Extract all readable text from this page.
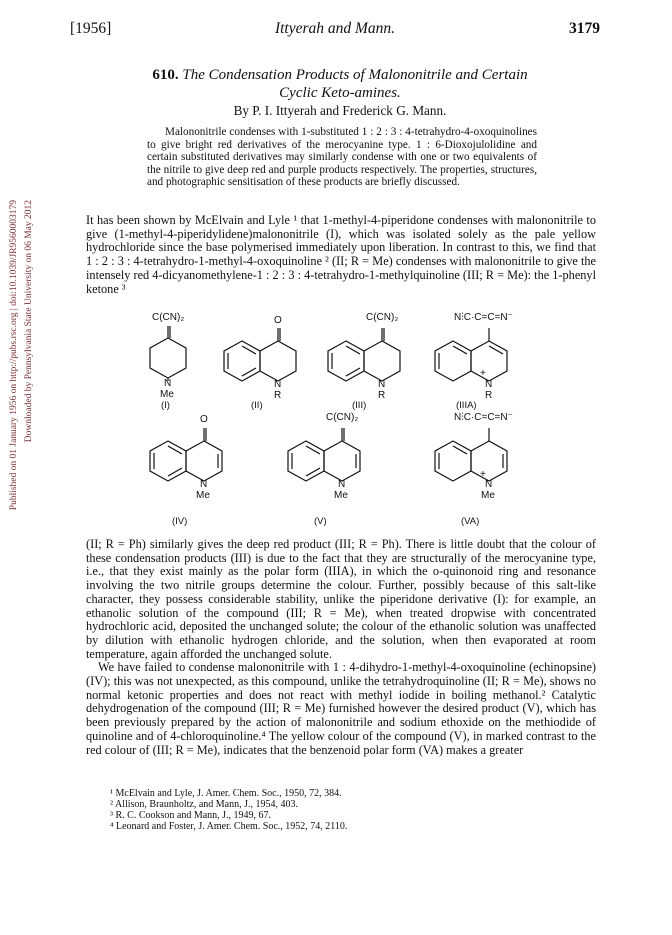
[1956]	Ittyerah and Mann.	3179
Published on 01 January 1956 on http://pubs.rsc.org | doi:10.1039/JR9560003179 Downloaded by Pennsylvania State University on 06 May 2012
610. The Condensation Products of Malononitrile and Certain
Cyclic Keto-amines.
By P. I. Ittyerah and Frederick G. Mann.

Malononitrile condenses with 1-substituted 1 : 2 : 3 : 4-tetrahydro-4-oxoquinolines to give bright red derivatives of the merocyanine type. 1 : 6-Dioxojulolidine and certain substituted derivatives may similarly condense with one or two equivalents of the nitrile to give deep red and purple products respectively. The properties, structures, and photographic sensitisation of these products are briefly discussed.

It has been shown by McElvain and Lyle ¹ that 1-methyl-4-piperidone condenses with malononitrile to give (1-methyl-4-piperidylidene)malononitrile (I), which was isolated solely as the pale yellow hydrochloride since the base polymerised immediately upon liberation. In contrast to this, we find that 1 : 2 : 3 : 4-tetrahydro-1-methyl-4-oxoquinoline ² (II; R = Me) condenses with malononitrile to give the intensely red 4-dicyanomethylene-1 : 2 : 3 : 4-tetrahydro-1-methylquinoline (III; R = Me): the 1-phenyl ketone ³

C(CN)₂
N
Me
O
N
R
C(CN)₂
N
R
N⫶C·C=C=N⁻
+
N
R
O
N
Me
C(CN)₂
N
Me
N⫶C·C=C=N⁻
+
N
Me
(I)	(II)	(III)	(IIIA)
(IV)	(V)	(VA)

(II; R = Ph) similarly gives the deep red product (III; R = Ph). There is little doubt that the colour of these condensation products (III) is due to the fact that they are structurally of the merocyanine type, i.e., that they exist mainly as the polar form (IIIA), in which the o-quinonoid ring and resonance involving the two nitrile groups determine the colour. Further, possibly because of this salt-like character, they possess considerable stability, unlike the piperidone derivative (I): for example, an ethanolic solution of the compound (III; R = Me), when treated dropwise with concentrated hydrochloric acid, deposited the unchanged solute; the colour of the ethanolic solution was unaffected by dilution with ethanolic hydrogen chloride, and the solution, when then evaporated at room temperature, again afforded the unchanged solute.

We have failed to condense malononitrile with 1 : 4-dihydro-1-methyl-4-oxoquinoline (echinopsine) (IV); this was not unexpected, as this compound, unlike the tetrahydroquinoline (II; R = Me), shows no normal ketonic properties and does not react with methyl iodide in boiling methanol.² Catalytic dehydrogenation of the compound (III; R = Me) furnished however the desired product (V), which has been previously prepared by the action of malononitrile and sodium ethoxide on the methiodide of quinoline and of 4-chloroquinoline.⁴ The yellow colour of the compound (V), in marked contrast to the red colour of (III; R = Me), indicates that the benzenoid polar form (VA) makes a greater

¹ McElvain and Lyle, J. Amer. Chem. Soc., 1950, 72, 384.
² Allison, Braunholtz, and Mann, J., 1954, 403.
³ R. C. Cookson and Mann, J., 1949, 67.
⁴ Leonard and Foster, J. Amer. Chem. Soc., 1952, 74, 2110.
